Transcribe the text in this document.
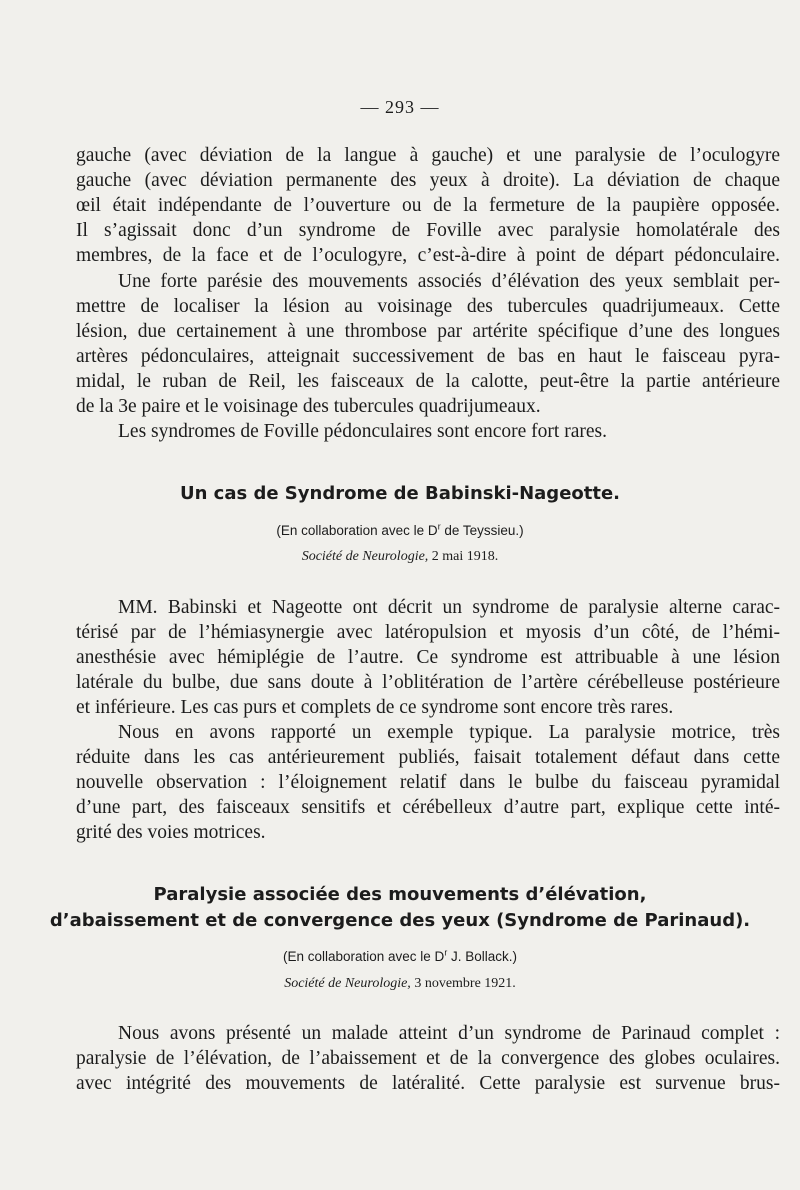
— 293 —
gauche (avec déviation de la langue à gauche) et une paralysie de l’oculogyre
gauche (avec déviation permanente des yeux à droite). La déviation de chaque
œil était indépendante de l’ouverture ou de la fermeture de la paupière opposée.
Il s’agissait donc d’un syndrome de Foville avec paralysie homolatérale des
membres, de la face et de l’oculogyre, c’est-à-dire à point de départ pédonculaire.
Une forte parésie des mouvements associés d’élévation des yeux semblait per-
mettre de localiser la lésion au voisinage des tubercules quadrijumeaux. Cette
lésion, due certainement à une thrombose par artérite spécifique d’une des longues
artères pédonculaires, atteignait successivement de bas en haut le faisceau pyra-
midal, le ruban de Reil, les faisceaux de la calotte, peut-être la partie antérieure
de la 3e paire et le voisinage des tubercules quadrijumeaux.
Les syndromes de Foville pédonculaires sont encore fort rares.
Un cas de Syndrome de Babinski-Nageotte.
(En collaboration avec le $D^r$ de Teyssieu.)
Société de Neurologie, 2 mai 1918.
MM. Babinski et Nageotte ont décrit un syndrome de paralysie alterne carac-
térisé par de l’hémiasynergie avec latéropulsion et myosis d’un côté, de l’hémi-
anesthésie avec hémiplégie de l’autre. Ce syndrome est attribuable à une lésion
latérale du bulbe, due sans doute à l’oblitération de l’artère cérébelleuse postérieure
et inférieure. Les cas purs et complets de ce syndrome sont encore très rares.
Nous en avons rapporté un exemple typique. La paralysie motrice, très
réduite dans les cas antérieurement publiés, faisait totalement défaut dans cette
nouvelle observation : l’éloignement relatif dans le bulbe du faisceau pyramidal
d’une part, des faisceaux sensitifs et cérébelleux d’autre part, explique cette inté-
grité des voies motrices.
Paralysie associée des mouvements d’élévation,
d’abaissement et de convergence des yeux (Syndrome de Parinaud).
(En collaboration avec le $D^r$ J. Bollack.)
Société de Neurologie, 3 novembre 1921.
Nous avons présenté un malade atteint d’un syndrome de Parinaud complet :
paralysie de l’élévation, de l’abaissement et de la convergence des globes oculaires.
avec intégrité des mouvements de latéralité. Cette paralysie est survenue brus-
